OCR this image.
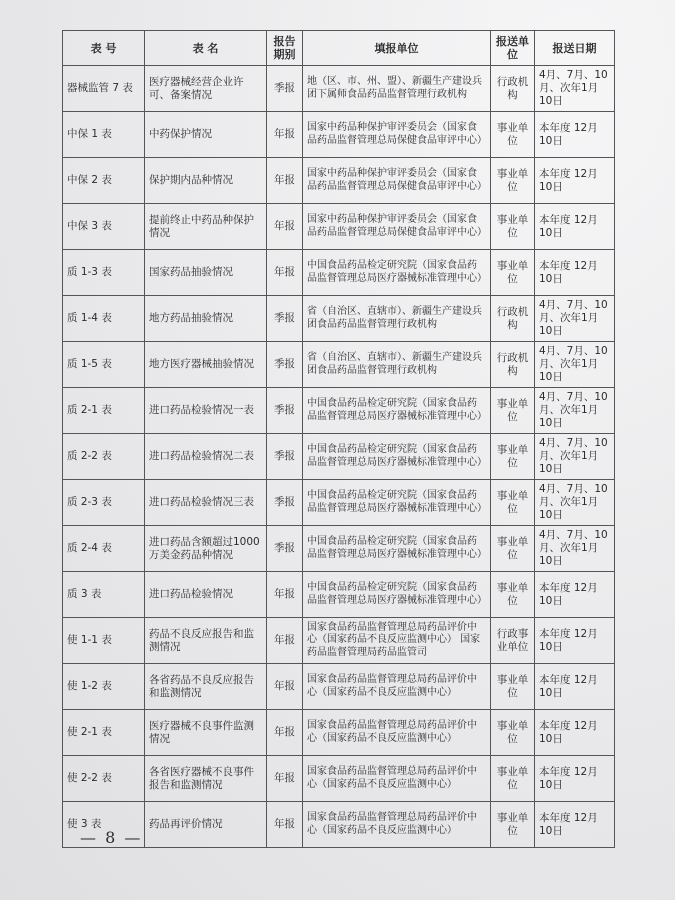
表 号	表 名	报告期别	填报单位	报送单位	报送日期
器械监管 7 表	医疗器械经营企业许可、备案情况	季报	地（区、市、州、盟）、新疆生产建设兵团下属师食品药品监督管理行政机构	行政机构	4月、7月、10月、次年1月10日
中保 1 表	中药保护情况	年报	国家中药品种保护审评委员会（国家食品药品监督管理总局保健食品审评中心）	事业单位	本年度 12月10日
中保 2 表	保护期内品种情况	年报	国家中药品种保护审评委员会（国家食品药品监督管理总局保健食品审评中心）	事业单位	本年度 12月10日
中保 3 表	提前终止中药品种保护情况	年报	国家中药品种保护审评委员会（国家食品药品监督管理总局保健食品审评中心）	事业单位	本年度 12月10日
质 1-3 表	国家药品抽验情况	年报	中国食品药品检定研究院（国家食品药品监督管理总局医疗器械标准管理中心）	事业单位	本年度 12月10日
质 1-4 表	地方药品抽验情况	季报	省（自治区、直辖市）、新疆生产建设兵团食品药品监督管理行政机构	行政机构	4月、7月、10月、次年1月10日
质 1-5 表	地方医疗器械抽验情况	季报	省（自治区、直辖市）、新疆生产建设兵团食品药品监督管理行政机构	行政机构	4月、7月、10月、次年1月10日
质 2-1 表	进口药品检验情况一表	季报	中国食品药品检定研究院（国家食品药品监督管理总局医疗器械标准管理中心）	事业单位	4月、7月、10月、次年1月10日
质 2-2 表	进口药品检验情况二表	季报	中国食品药品检定研究院（国家食品药品监督管理总局医疗器械标准管理中心）	事业单位	4月、7月、10月、次年1月10日
质 2-3 表	进口药品检验情况三表	季报	中国食品药品检定研究院（国家食品药品监督管理总局医疗器械标准管理中心）	事业单位	4月、7月、10月、次年1月10日
质 2-4 表	进口药品含额超过1000 万美金药品种情况	季报	中国食品药品检定研究院（国家食品药品监督管理总局医疗器械标准管理中心）	事业单位	4月、7月、10月、次年1月10日
质 3 表	进口药品检验情况	年报	中国食品药品检定研究院（国家食品药品监督管理总局医疗器械标准管理中心）	事业单位	本年度 12月10日
使 1-1 表	药品不良反应报告和监测情况	年报	国家食品药品监督管理总局药品评价中心（国家药品不良反应监测中心） 国家药品监督管理局药品监管司	行政事业单位	本年度 12月10日
使 1-2 表	各省药品不良反应报告和监测情况	年报	国家食品药品监督管理总局药品评价中心（国家药品不良反应监测中心）	事业单位	本年度 12月10日
使 2-1 表	医疗器械不良事件监测情况	年报	国家食品药品监督管理总局药品评价中心（国家药品不良反应监测中心）	事业单位	本年度 12月10日
使 2-2 表	各省医疗器械不良事件报告和监测情况	年报	国家食品药品监督管理总局药品评价中心（国家药品不良反应监测中心）	事业单位	本年度 12月10日
使 3 表	药品再评价情况	年报	国家食品药品监督管理总局药品评价中心（国家药品不良反应监测中心）	事业单位	本年度 12月10日
— 8 —
